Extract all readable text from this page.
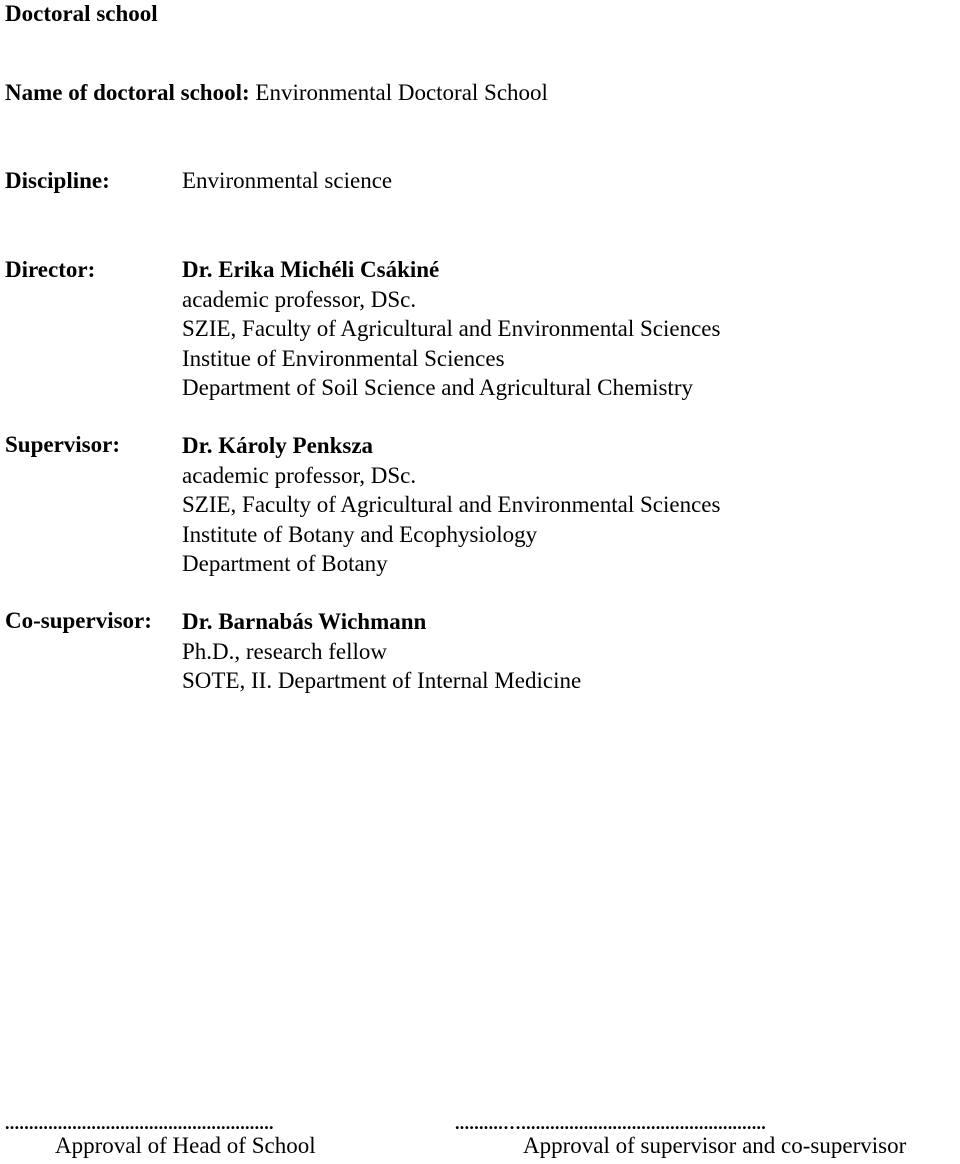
Doctoral school
Name of doctoral school: Environmental Doctoral School
Discipline:	Environmental science
Director:	Dr. Erika Michéli Csákiné
academic professor, DSc.
SZIE, Faculty of Agricultural and Environmental Sciences
Institue of Environmental Sciences
Department of Soil Science and Agricultural Chemistry
Supervisor:	Dr. Károly Penksza
academic professor, DSc.
SZIE, Faculty of Agricultural and Environmental Sciences
Institute of Botany and Ecophysiology
Department of Botany
Co-supervisor: Dr. Barnabás Wichmann
Ph.D., research fellow
SOTE, II. Department of Internal Medicine
........................................................
Approval of Head of School
..........…...................................................
Approval of supervisor and co-supervisor
